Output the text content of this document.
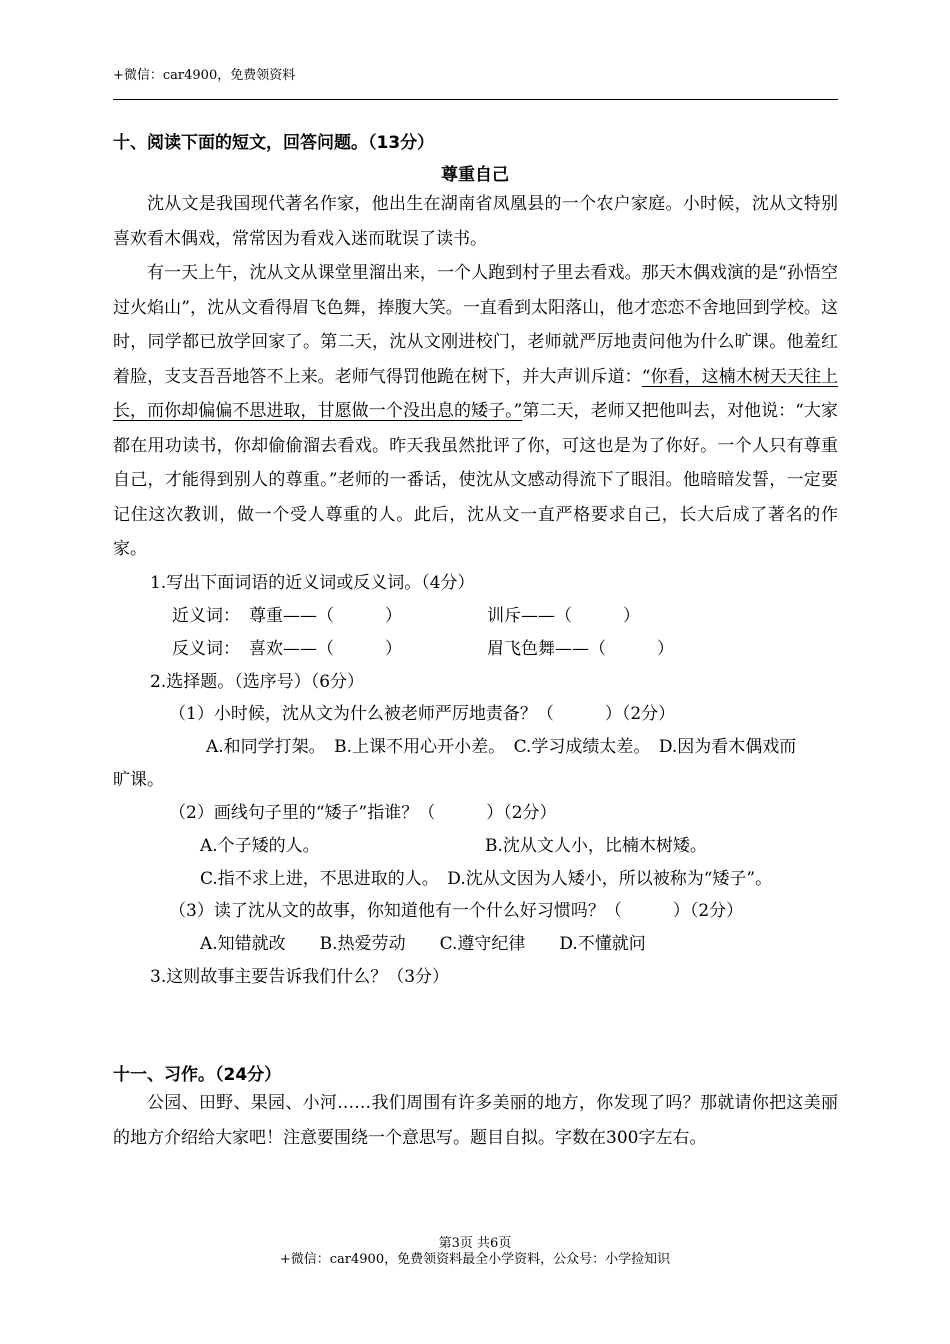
+微信：car4900，免费领资料
十、阅读下面的短文，回答问题。（13分）
尊重自己

沈从文是我国现代著名作家，他出生在湖南省凤凰县的一个农户家庭。小时候，沈从文特别喜欢看木偶戏，常常因为看戏入迷而耽误了读书。

有一天上午，沈从文从课堂里溜出来，一个人跑到村子里去看戏。那天木偶戏演的是“孙悟空过火焰山”，沈从文看得眉飞色舞，捧腹大笑。一直看到太阳落山，他才恋恋不舍地回到学校。这时，同学都已放学回家了。第二天，沈从文刚进校门，老师就严厉地责问他为什么旷课。他羞红着脸，支支吾吾地答不上来。老师气得罚他跪在树下，并大声训斥道：“你看，这楠木树天天往上长，而你却偏偏不思进取，甘愿做一个没出息的矮子。”第二天，老师又把他叫去，对他说：“大家都在用功读书，你却偷偷溜去看戏。昨天我虽然批评了你，可这也是为了你好。一个人只有尊重自己，才能得到别人的尊重。”老师的一番话，使沈从文感动得流下了眼泪。他暗暗发誓，一定要记住这次教训，做一个受人尊重的人。此后，沈从文一直严格要求自己，长大后成了著名的作家。

1.写出下面词语的近义词或反义词。（4分）
近义词： 尊重——（　　　）	训斥——（　　　）
反义词： 喜欢——（　　　）	眉飞色舞——（　　　）
2.选择题。（选序号）（6分）
（1）小时候，沈从文为什么被老师严厉地责备？（　　　）（2分）
A.和同学打架。　B.上课不用心开小差。　C.学习成绩太差。　D.因为看木偶戏而
旷课。
（2）画线句子里的“矮子”指谁？（　　　）（2分）
A.个子矮的人。	B.沈从文人小，比楠木树矮。
C.指不求上进，不思进取的人。　D.沈从文因为人矮小，所以被称为“矮子”。
（3）读了沈从文的故事，你知道他有一个什么好习惯吗？（　　　）（2分）
A.知错就改　　B.热爱劳动　　C.遵守纪律　　D.不懂就问
3.这则故事主要告诉我们什么？（3分）
十一、习作。（24分）

公园、田野、果园、小河……我们周围有许多美丽的地方，你发现了吗？那就请你把这美丽的地方介绍给大家吧！注意要围绕一个意思写。题目自拟。字数在300字左右。

第3页 共6页
+微信：car4900，免费领资料最全小学资料，公众号：小学捡知识
